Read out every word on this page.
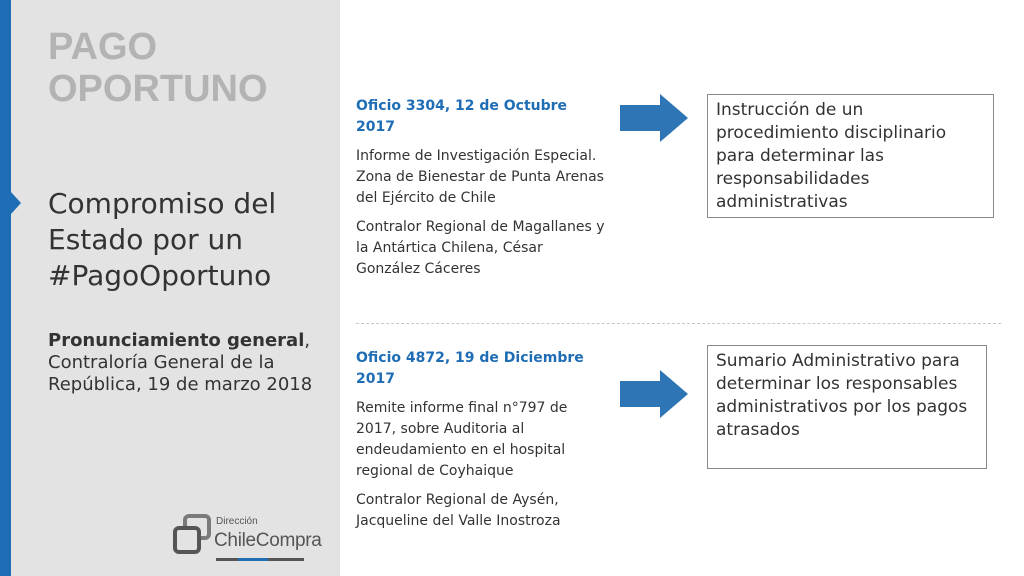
PAGO
OPORTUNO
Compromiso del Estado por un #PagoOportuno
Pronunciamiento general, Contraloría General de la República, 19 de marzo 2018
Dirección
ChileCompra
Oficio 3304, 12 de Octubre 2017

Informe de Investigación Especial. Zona de Bienestar de Punta Arenas del Ejército de Chile

Contralor Regional de Magallanes y la Antártica Chilena, César González Cáceres

Instrucción de un procedimiento disciplinario para determinar las responsabilidades administrativas
Oficio 4872, 19 de Diciembre 2017

Remite informe final n°797 de 2017, sobre Auditoria al endeudamiento en el hospital regional de Coyhaique

Contralor Regional de Aysén, Jacqueline del Valle Inostroza

Sumario Administrativo para determinar los responsables administrativos por los pagos atrasados
